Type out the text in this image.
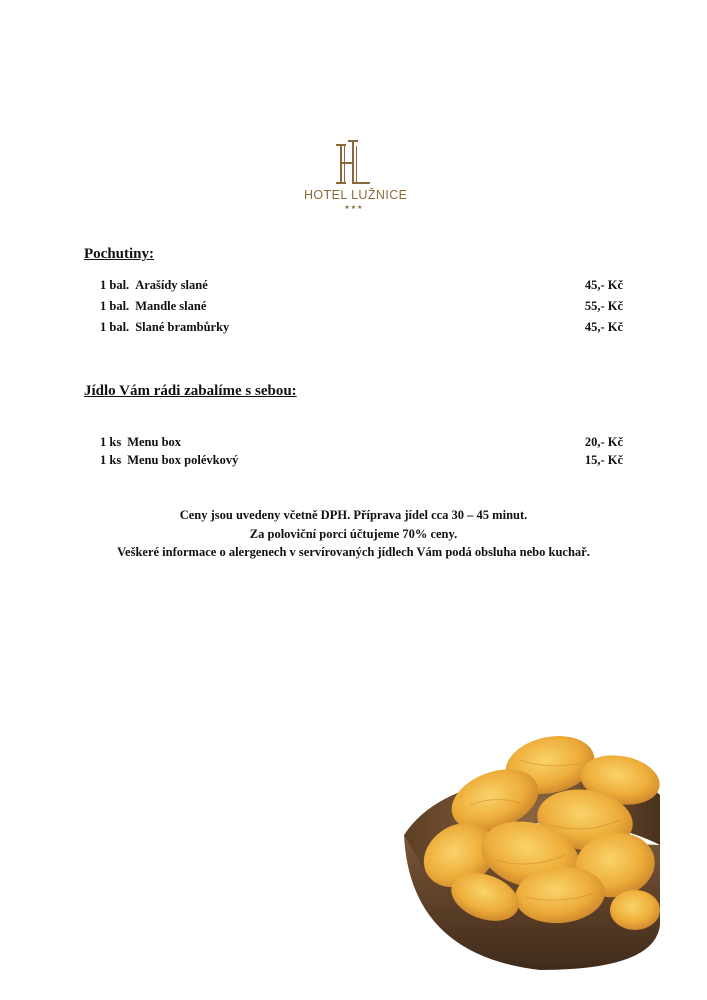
HOTEL LUŽNICE
★★★
Pochutiny:
1 bal. Arašídy slané	45,- Kč
1 bal. Mandle slané	55,- Kč
1 bal. Slané brambůrky	45,- Kč
Jídlo Vám rádi zabalíme s sebou:
1 ks Menu box	20,- Kč
1 ks Menu box polévkový	15,- Kč
Ceny jsou uvedeny včetně DPH. Příprava jídel cca 30 – 45 minut.
Za poloviční porci účtujeme 70% ceny.
Veškeré informace o alergenech v servírovaných jídlech Vám podá obsluha nebo kuchař.
